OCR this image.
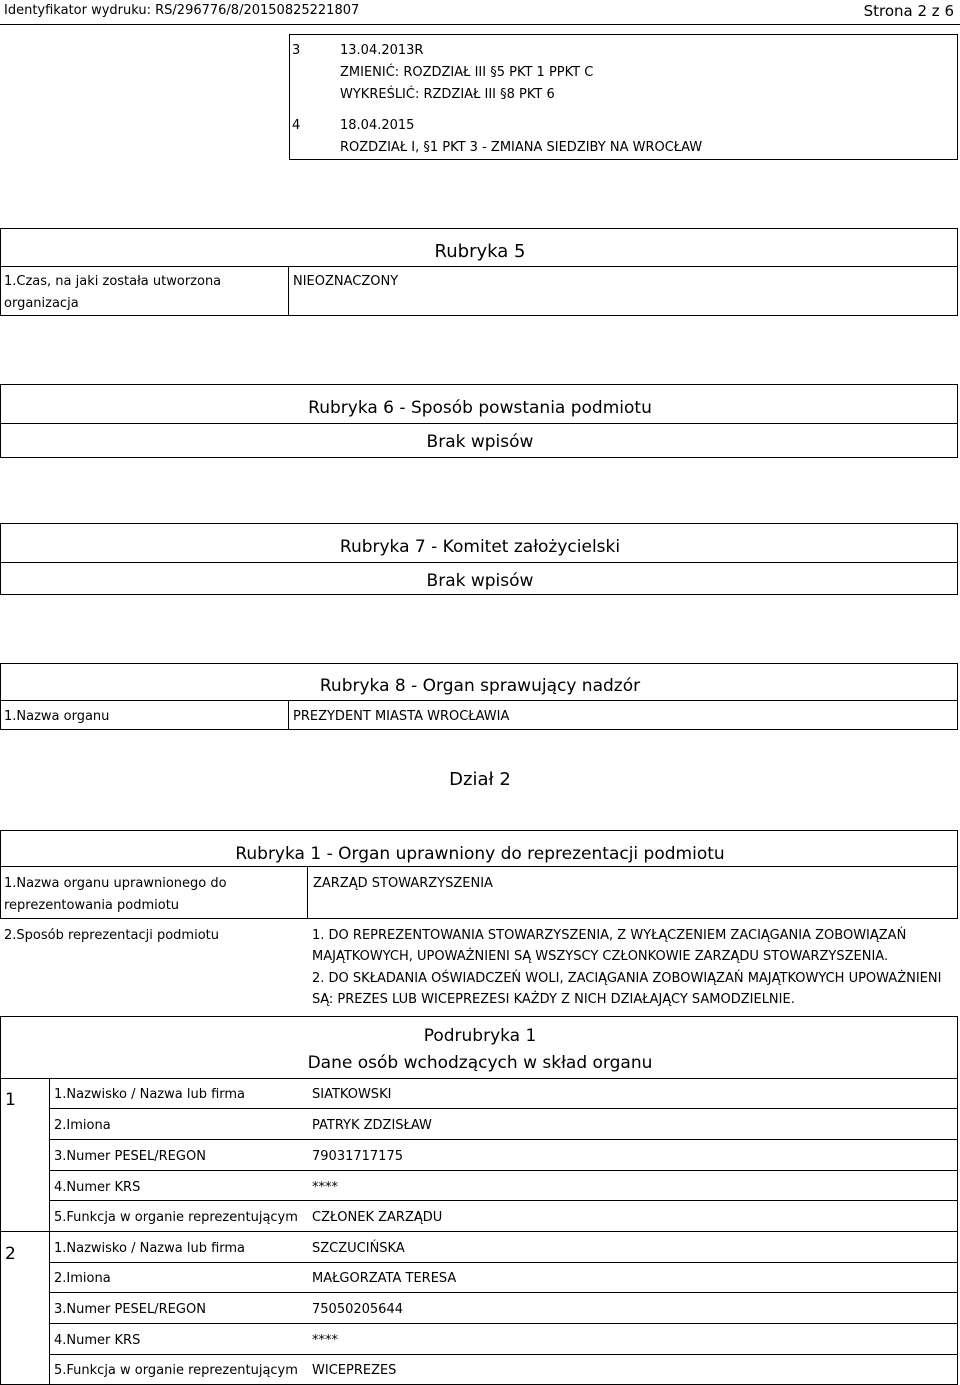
Identyfikator wydruku: RS/296776/8/20150825221807	Strona 2 z 6
3	13.04.2013R
ZMIENIĆ: ROZDZIAŁ III §5 PKT 1 PPKT C
WYKREŚLIĆ: RZDZIAŁ III §8 PKT 6
4	18.04.2015
ROZDZIAŁ I, §1 PKT 3 - ZMIANA SIEDZIBY NA WROCŁAW
Rubryka 5
1.Czas, na jaki została utworzona
organizacja
NIEOZNACZONY
Rubryka 6 - Sposób powstania podmiotu
Brak wpisów
Rubryka 7 - Komitet założycielski
Brak wpisów
Rubryka 8 - Organ sprawujący nadzór
1.Nazwa organu	PREZYDENT MIASTA WROCŁAWIA
Dział 2
Rubryka 1 - Organ uprawniony do reprezentacji podmiotu
1.Nazwa organu uprawnionego do
reprezentowania podmiotu
ZARZĄD STOWARZYSZENIA
2.Sposób reprezentacji podmiotu	1. DO REPREZENTOWANIA STOWARZYSZENIA, Z WYŁĄCZENIEM ZACIĄGANIA ZOBOWIĄZAŃ
MAJĄTKOWYCH, UPOWAŻNIENI SĄ WSZYSCY CZŁONKOWIE ZARZĄDU STOWARZYSZENIA.
2. DO SKŁADANIA OŚWIADCZEŃ WOLI, ZACIĄGANIA ZOBOWIĄZAŃ MAJĄTKOWYCH UPOWAŻNIENI
SĄ: PREZES LUB WICEPREZESI KAŻDY Z NICH DZIAŁAJĄCY SAMODZIELNIE.
Podrubryka 1
Dane osób wchodzących w skład organu
1	1.Nazwisko / Nazwa lub firma	SIATKOWSKI
2.Imiona	PATRYK ZDZISŁAW
3.Numer PESEL/REGON	79031717175
4.Numer KRS	****
5.Funkcja w organie reprezentującym CZŁONEK ZARZĄDU
2	1.Nazwisko / Nazwa lub firma	SZCZUCIŃSKA
2.Imiona	MAŁGORZATA TERESA
3.Numer PESEL/REGON	75050205644
4.Numer KRS	****
5.Funkcja w organie reprezentującym WICEPREZES
